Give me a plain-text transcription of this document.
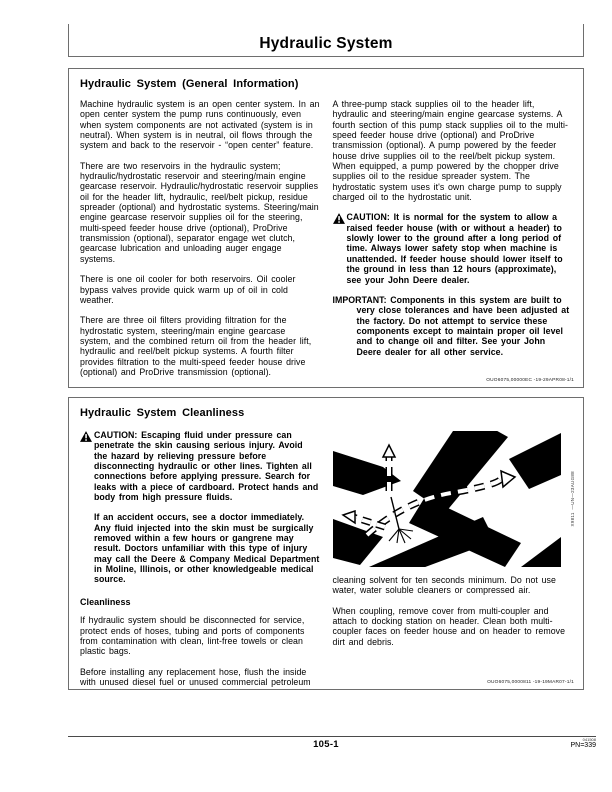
Hydraulic System
Hydraulic System (General Information)

Machine hydraulic system is an open center system. In an open center system the pump runs continuously, even when system components are not activated (system is in neutral). When system is in neutral, oil flows through the system and back to the reservoir - “open center” feature.

There are two reservoirs in the hydraulic system; hydraulic/hydrostatic reservoir and steering/main engine gearcase reservoir. Hydraulic/hydrostatic reservoir supplies oil for the header lift, hydraulic, reel/belt pickup, residue spreader (optional) and hydrostatic systems. Steering/main engine gearcase reservoir supplies oil for the steering, multi-speed feeder house drive (optional), ProDrive transmission (optional), separator engage wet clutch, gearcase lubrication and unloading auger engage systems.

There is one oil cooler for both reservoirs. Oil cooler bypass valves provide quick warm up of oil in cold weather.

There are three oil filters providing filtration for the hydrostatic system, steering/main engine gearcase system, and the combined return oil from the header lift, hydraulic and reel/belt pickup systems. A fourth filter provides filtration to the multi-speed feeder house drive (optional) and ProDrive transmission (optional).

A three-pump stack supplies oil to the header lift, hydraulic and steering/main engine gearcase systems. A fourth section of this pump stack supplies oil to the multi-speed feeder house drive (optional) and ProDrive transmission (optional). A pump powered by the feeder house drive supplies oil to the reel/belt pickup system. When equipped, a pump powered by the chopper drive supplies oil to the residue spreader system. The hydrostatic system uses it's own charge pump to supply charged oil to the hydrostatic unit.

CAUTION: It is normal for the system to allow a raised feeder house (with or without a header) to slowly lower to the ground after a long period of time. Always lower safety stop when machine is unattended. If feeder house should lower itself to the ground in less than 12 hours (approximate), see your John Deere dealer.

IMPORTANT: Components in this system are built to very close tolerances and have been adjusted at the factory. Do not attempt to service these components except to maintain proper oil level and to change oil and filter. See your John Deere dealer for all other service.
OUO6075,00000EC -19-29APR08-1/1
Hydraulic System Cleanliness

CAUTION: Escaping fluid under pressure can penetrate the skin causing serious injury. Avoid the hazard by relieving pressure before disconnecting hydraulic or other lines. Tighten all connections before applying pressure. Search for leaks with a piece of cardboard. Protect hands and body from high pressure fluids.

If an accident occurs, see a doctor immediately. Any fluid injected into the skin must be surgically removed within a few hours or gangrene may result. Doctors unfamiliar with this type of injury may call the Deere & Company Medical Department in Moline, Illinois, or other knowledgeable medical source.

Cleanliness

If hydraulic system should be disconnected for service, protect ends of hoses, tubing and ports of components from contamination with clean, lint-free towels or clean plastic bags.

Before installing any replacement hose, flush the inside with unused diesel fuel or unused commercial petroleum

X9811 —UN—23AUG88

cleaning solvent for ten seconds minimum. Do not use water, water soluble cleaners or compressed air.

When coupling, remove cover from multi-coupler and attach to docking station on header. Clean both multi-coupler faces on feeder house and on header to remove dirt and debris.

OUO6075,0000811 -19-19MAR07-1/1
105-1	041508
PN=339
